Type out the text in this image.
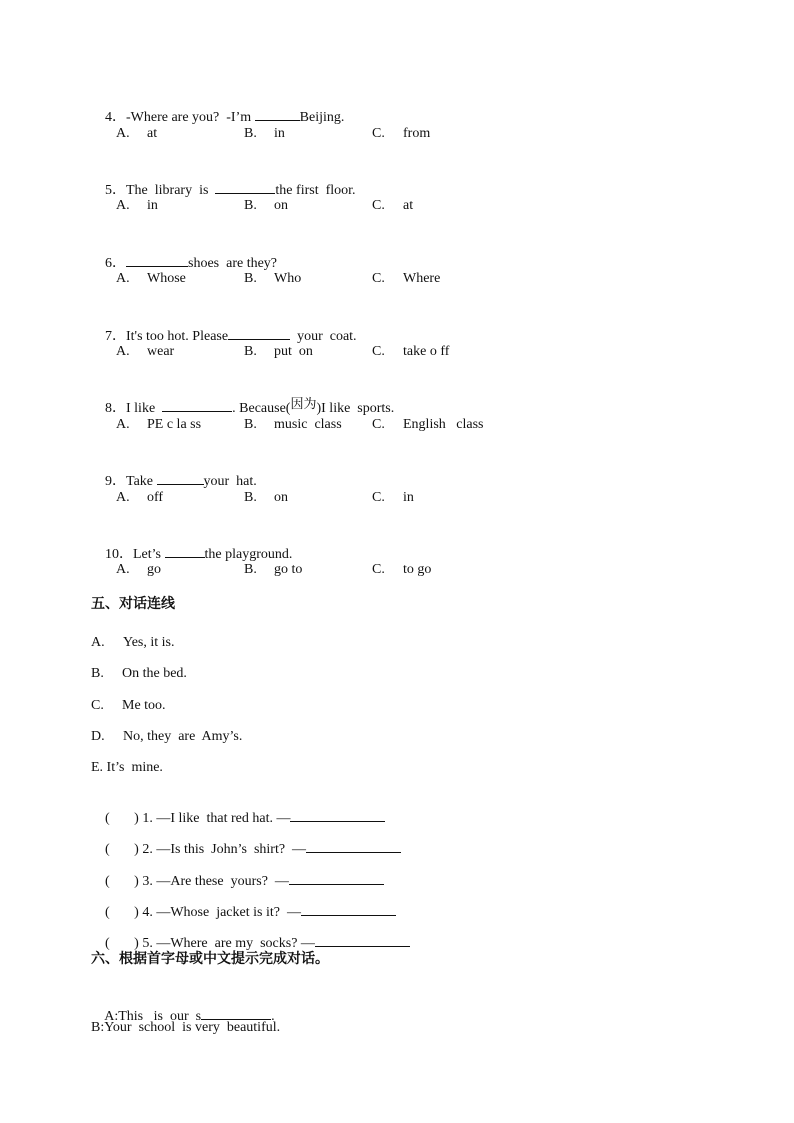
4．-Where are you?  -I’m	Beijing.

A. at	B. in	C. from

5．The  library  is	the first  floor.

A. in	B. on	C. at

6．	shoes  are they?

A. Whose	B. Who	C. Where

7．It's too hot. Please	your  coat.

A. wear	B. put  on	C. take o ff

8．I like	. Because(因为)I like  sports.

A. PE c la ss	B. music  class C. English   class

9．Take	your  hat.

A. off	B. on	C. in

10．Let’s	the playground.

A. go	B. go to	C. to go
五、对话连线
A. Yes, it is.
B. On the bed.
C. Me too.
D. No, they  are  Amy’s.
E. It’s  mine.

(       ) 1. —I like  that red hat. —

(       ) 2. —Is this  John’s  shirt?  —

(       ) 3. —Are these  yours?  —

(       ) 4. —Whose  jacket is it?  —

(       ) 5. —Where  are my  socks? —

六、根据首字母或中文提示完成对话。

A:This   is  our  s	.

B:Your  school  is very  beautiful.
